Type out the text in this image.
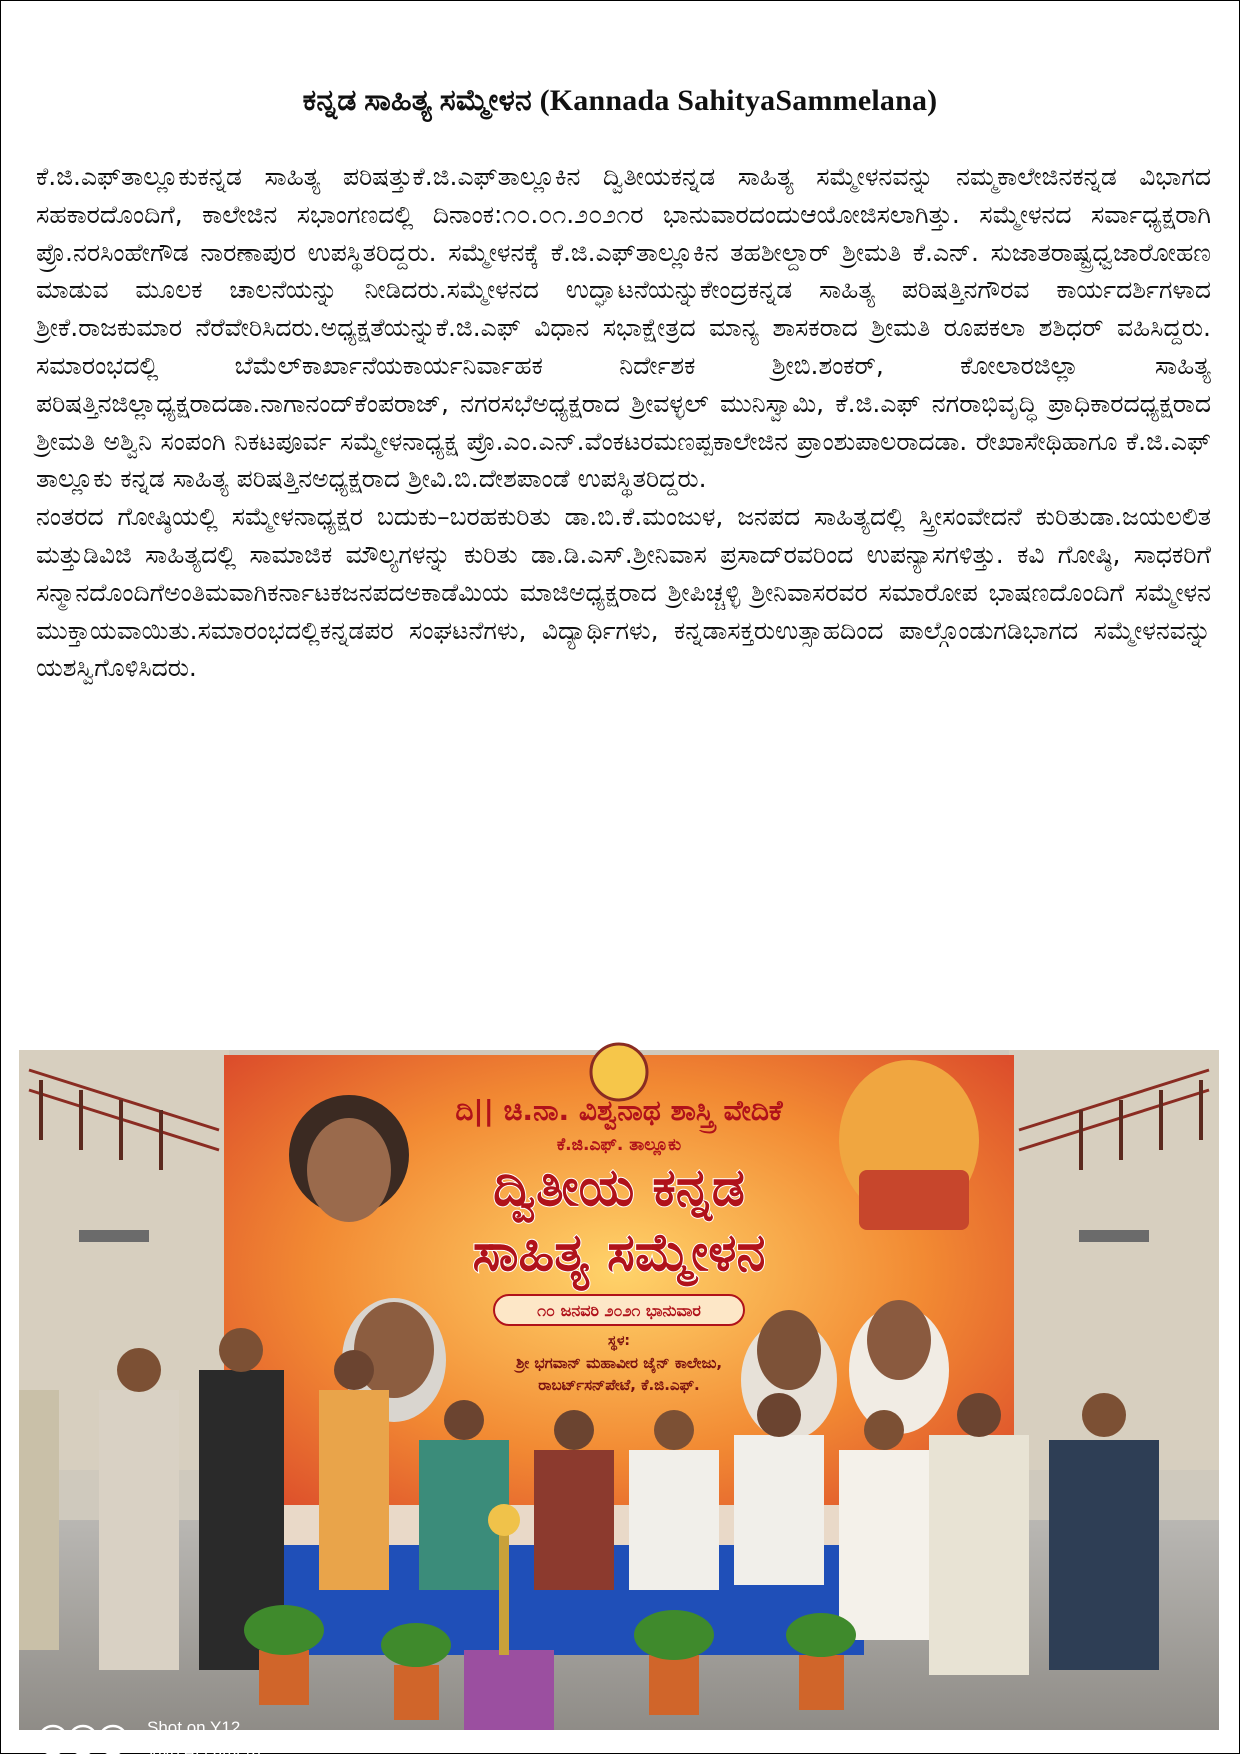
ಕನ್ನಡ ಸಾಹಿತ್ಯ ಸಮ್ಮೇಳನ (Kannada SahityaSammelana)

ಕೆ.ಜಿ.ಎಫ್‌ತಾಲ್ಲೂಕುಕನ್ನಡ ಸಾಹಿತ್ಯ ಪರಿಷತ್ತುಕೆ.ಜಿ.ಎಫ್‌ತಾಲ್ಲೂಕಿನ ದ್ವಿತೀಯಕನ್ನಡ ಸಾಹಿತ್ಯ ಸಮ್ಮೇಳನವನ್ನು ನಮ್ಮಕಾಲೇಜಿನಕನ್ನಡ ವಿಭಾಗದ ಸಹಕಾರದೊಂದಿಗೆ, ಕಾಲೇಜಿನ ಸಭಾಂಗಣದಲ್ಲಿ ದಿನಾಂಕ:೧೦.೦೧.೨೦೨೧ರ ಭಾನುವಾರದಂದುಆಯೋಜಿಸಲಾಗಿತ್ತು. ಸಮ್ಮೇಳನದ ಸರ್ವಾಧ್ಯಕ್ಷರಾಗಿ ಪ್ರೊ.ನರಸಿಂಹೇಗೌಡ ನಾರಣಾಪುರ ಉಪಸ್ಥಿತರಿದ್ದರು. ಸಮ್ಮೇಳನಕ್ಕೆ ಕೆ.ಜಿ.ಎಫ್‌ತಾಲ್ಲೂಕಿನ ತಹಶೀಲ್ದಾರ್ ಶ್ರೀಮತಿ ಕೆ.ಎನ್. ಸುಜಾತರಾಷ್ಟ್ರಧ್ವಜಾರೋಹಣ ಮಾಡುವ ಮೂಲಕ ಚಾಲನೆಯನ್ನು ನೀಡಿದರು.ಸಮ್ಮೇಳನದ ಉದ್ಘಾಟನೆಯನ್ನುಕೇಂದ್ರಕನ್ನಡ ಸಾಹಿತ್ಯ ಪರಿಷತ್ತಿನಗೌರವ ಕಾರ್ಯದರ್ಶಿಗಳಾದ ಶ್ರೀಕೆ.ರಾಜಕುಮಾರ ನೆರೆವೇರಿಸಿದರು.ಅಧ್ಯಕ್ಷತೆಯನ್ನುಕೆ.ಜಿ.ಎಫ್ ವಿಧಾನ ಸಭಾಕ್ಷೇತ್ರದ ಮಾನ್ಯ ಶಾಸಕರಾದ ಶ್ರೀಮತಿ ರೂಪಕಲಾ ಶಶಿಧರ್ ವಹಿಸಿದ್ದರು. ಸಮಾರಂಭದಲ್ಲಿ ಬೆಮೆಲ್‌ಕಾರ್ಖಾನೆಯಕಾರ್ಯನಿರ್ವಾಹಕ ನಿರ್ದೇಶಕ ಶ್ರೀಬಿ.ಶಂಕರ್, ಕೋಲಾರಜಿಲ್ಲಾ ಸಾಹಿತ್ಯ ಪರಿಷತ್ತಿನಜಿಲ್ಲಾಧ್ಯಕ್ಷರಾದಡಾ.ನಾಗಾನಂದ್‌ಕೆಂಪರಾಜ್, ನಗರಸಭೆಅಧ್ಯಕ್ಷರಾದ ಶ್ರೀವಳ್ಳಲ್ ಮುನಿಸ್ವಾಮಿ, ಕೆ.ಜಿ.ಎಫ್ ನಗರಾಭಿವೃದ್ಧಿ ಪ್ರಾಧಿಕಾರದಧ್ಯಕ್ಷರಾದ ಶ್ರೀಮತಿ ಅಶ್ವಿನಿ ಸಂಪಂಗಿ ನಿಕಟಪೂರ್ವ ಸಮ್ಮೇಳನಾಧ್ಯಕ್ಷ ಪ್ರೊ.ಎಂ.ಎನ್.ವೆಂಕಟರಮಣಪ್ಪಕಾಲೇಜಿನ ಪ್ರಾಂಶುಪಾಲರಾದಡಾ. ರೇಖಾಸೇಥಿಹಾಗೂ ಕೆ.ಜಿ.ಎಫ್ ತಾಲ್ಲೂಕು ಕನ್ನಡ ಸಾಹಿತ್ಯ ಪರಿಷತ್ತಿನಅಧ್ಯಕ್ಷರಾದ ಶ್ರೀವಿ.ಬಿ.ದೇಶಪಾಂಡೆ ಉಪಸ್ಥಿತರಿದ್ದರು.

ನಂತರದ ಗೋಷ್ಠಿಯಲ್ಲಿ ಸಮ್ಮೇಳನಾಧ್ಯಕ್ಷರ ಬದುಕು–ಬರಹಕುರಿತು ಡಾ.ಬಿ.ಕೆ.ಮಂಜುಳ, ಜನಪದ ಸಾಹಿತ್ಯದಲ್ಲಿ ಸ್ತ್ರೀಸಂವೇದನೆ ಕುರಿತುಡಾ.ಜಯಲಲಿತ ಮತ್ತುಡಿವಿಜಿ ಸಾಹಿತ್ಯದಲ್ಲಿ ಸಾಮಾಜಿಕ ಮೌಲ್ಯಗಳನ್ನು ಕುರಿತು ಡಾ.ಡಿ.ಎಸ್.ಶ್ರೀನಿವಾಸ ಪ್ರಸಾದ್‌ರವರಿಂದ ಉಪನ್ಯಾಸಗಳಿತ್ತು. ಕವಿ ಗೋಷ್ಠಿ, ಸಾಧಕರಿಗೆ ಸನ್ಮಾನದೊಂದಿಗೆಅಂತಿಮವಾಗಿಕರ್ನಾಟಕಜನಪದಅಕಾಡೆಮಿಯ ಮಾಜಿಅಧ್ಯಕ್ಷರಾದ ಶ್ರೀಪಿಚ್ಚಳ್ಳಿ ಶ್ರೀನಿವಾಸರವರ ಸಮಾರೋಪ ಭಾಷಣದೊಂದಿಗೆ ಸಮ್ಮೇಳನ ಮುಕ್ತಾಯವಾಯಿತು.ಸಮಾರಂಭದಲ್ಲಿಕನ್ನಡಪರ ಸಂಘಟನೆಗಳು, ವಿದ್ಯಾರ್ಥಿಗಳು, ಕನ್ನಡಾಸಕ್ತರುಉತ್ಸಾಹದಿಂದ ಪಾಲ್ಗೊಂಡುಗಡಿಭಾಗದ ಸಮ್ಮೇಳನವನ್ನು ಯಶಸ್ವಿಗೊಳಿಸಿದರು.

ದಿ|| ಚಿ.ನಾ. ವಿಶ್ವನಾಥ ಶಾಸ್ತ್ರಿ ವೇದಿಕೆ
ಕೆ.ಜಿ.ಎಫ್. ತಾಲ್ಲೂಕು
ದ್ವಿತೀಯ ಕನ್ನಡ
ಸಾಹಿತ್ಯ ಸಮ್ಮೇಳನ
೧೦ ಜನವರಿ ೨೦೨೧ ಭಾನುವಾರ
ಸ್ಥಳ:
ಶ್ರೀ ಭಗವಾನ್ ಮಹಾವೀರ ಜೈನ್ ಕಾಲೇಜು,
ರಾಬರ್ಟ್‌ಸನ್‌ಪೇಟೆ, ಕೆ.ಜಿ.ಎಫ್.
Shot on Y12
Vivo AI camera
